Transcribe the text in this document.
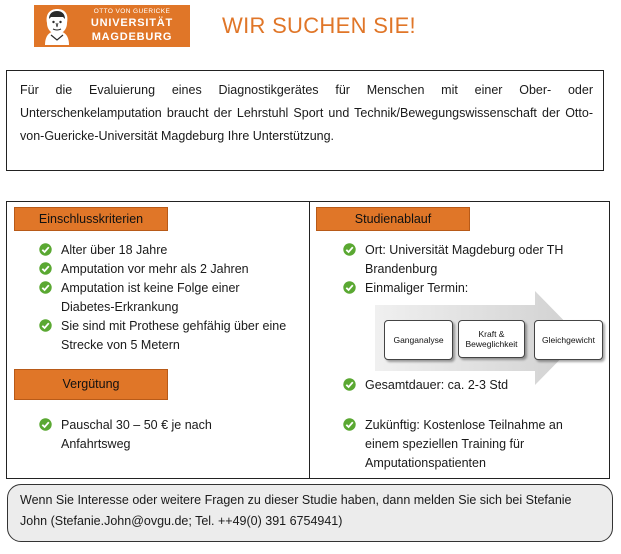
OTTO VON GUERICKE
UNIVERSITÄT
MAGDEBURG	WIR SUCHEN SIE!
Für die Evaluierung eines Diagnostikgerätes für Menschen mit einer Ober- oder Unterschenkelamputation braucht der Lehrstuhl Sport und Technik/Bewegungswissenschaft der Otto-von-Guericke-Universität Magdeburg Ihre Unterstützung.
Einschlusskriterien
Alter über 18 Jahre
Amputation vor mehr als 2 Jahren
Amputation ist keine Folge einer Diabetes-Erkrankung
Sie sind mit Prothese gehfähig über eine Strecke von 5 Metern
Vergütung
Pauschal 30 – 50 € je nach Anfahrtsweg
Studienablauf
Ort: Universität Magdeburg oder TH Brandenburg
Einmaliger Termin:
Ganganalyse
Kraft & Beweglichkeit	Gleichgewicht
Gesamtdauer: ca. 2-3 Std
Zukünftig: Kostenlose Teilnahme an einem speziellen Training für Amputationspatienten
Wenn Sie Interesse oder weitere Fragen zu dieser Studie haben, dann melden Sie sich bei Stefanie John (Stefanie.John@ovgu.de; Tel. ++49(0) 391 6754941)
